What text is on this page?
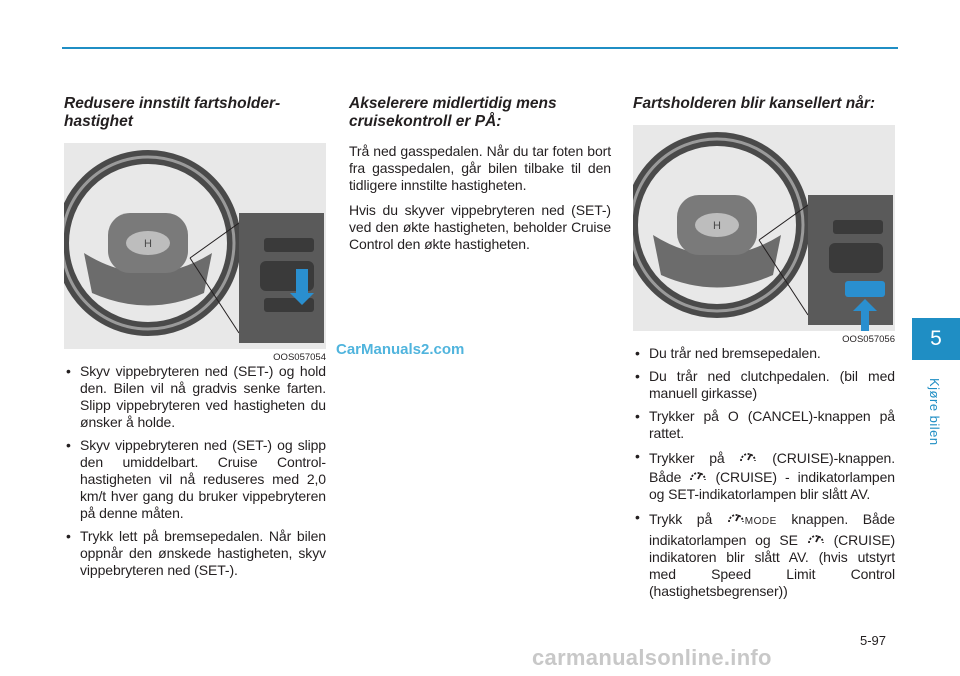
Redusere innstilt fartsholder-hastighet
H
OOS057054
• Skyv vippebryteren ned (SET-) og hold den. Bilen vil nå gradvis senke farten. Slipp vippebryteren ved hastigheten du ønsker å holde.
• Skyv vippebryteren ned (SET-) og slipp den umiddelbart. Cruise Control-hastigheten vil nå reduseres med 2,0 km/t hver gang du bruker vippebryteren på denne måten.
• Trykk lett på bremsepedalen. Når bilen oppnår den ønskede hastigheten, skyv vippebryteren ned (SET-).
Akselerere midlertidig mens cruisekontroll er PÅ:

Trå ned gasspedalen. Når du tar foten bort fra gasspedalen, går bilen tilbake til den tidligere innstilte hastigheten.

Hvis du skyver vippebryteren ned (SET-) ved den økte hastigheten, beholder Cruise Control den økte hastigheten.

Fartsholderen blir kansellert når:
H
OOS057056
• Du trår ned bremsepedalen.
• Du trår ned clutchpedalen. (bil med manuell girkasse)
• Trykker på O (CANCEL)-knappen på rattet.
• Trykker på	(CRUISE)-knappen. Både (CRUISE) - indikatorlampen og SET-indikatorlampen blir slått AV.
• Trykk på	MODE knappen. Både indikatorlampen og SE	(CRUISE) indikatoren blir slått AV. (hvis utstyrt med Speed Limit Control (hastighetsbegrenser))
5
Kjøre bilen
5-97
CarManuals2.com
carmanualsonline.info
